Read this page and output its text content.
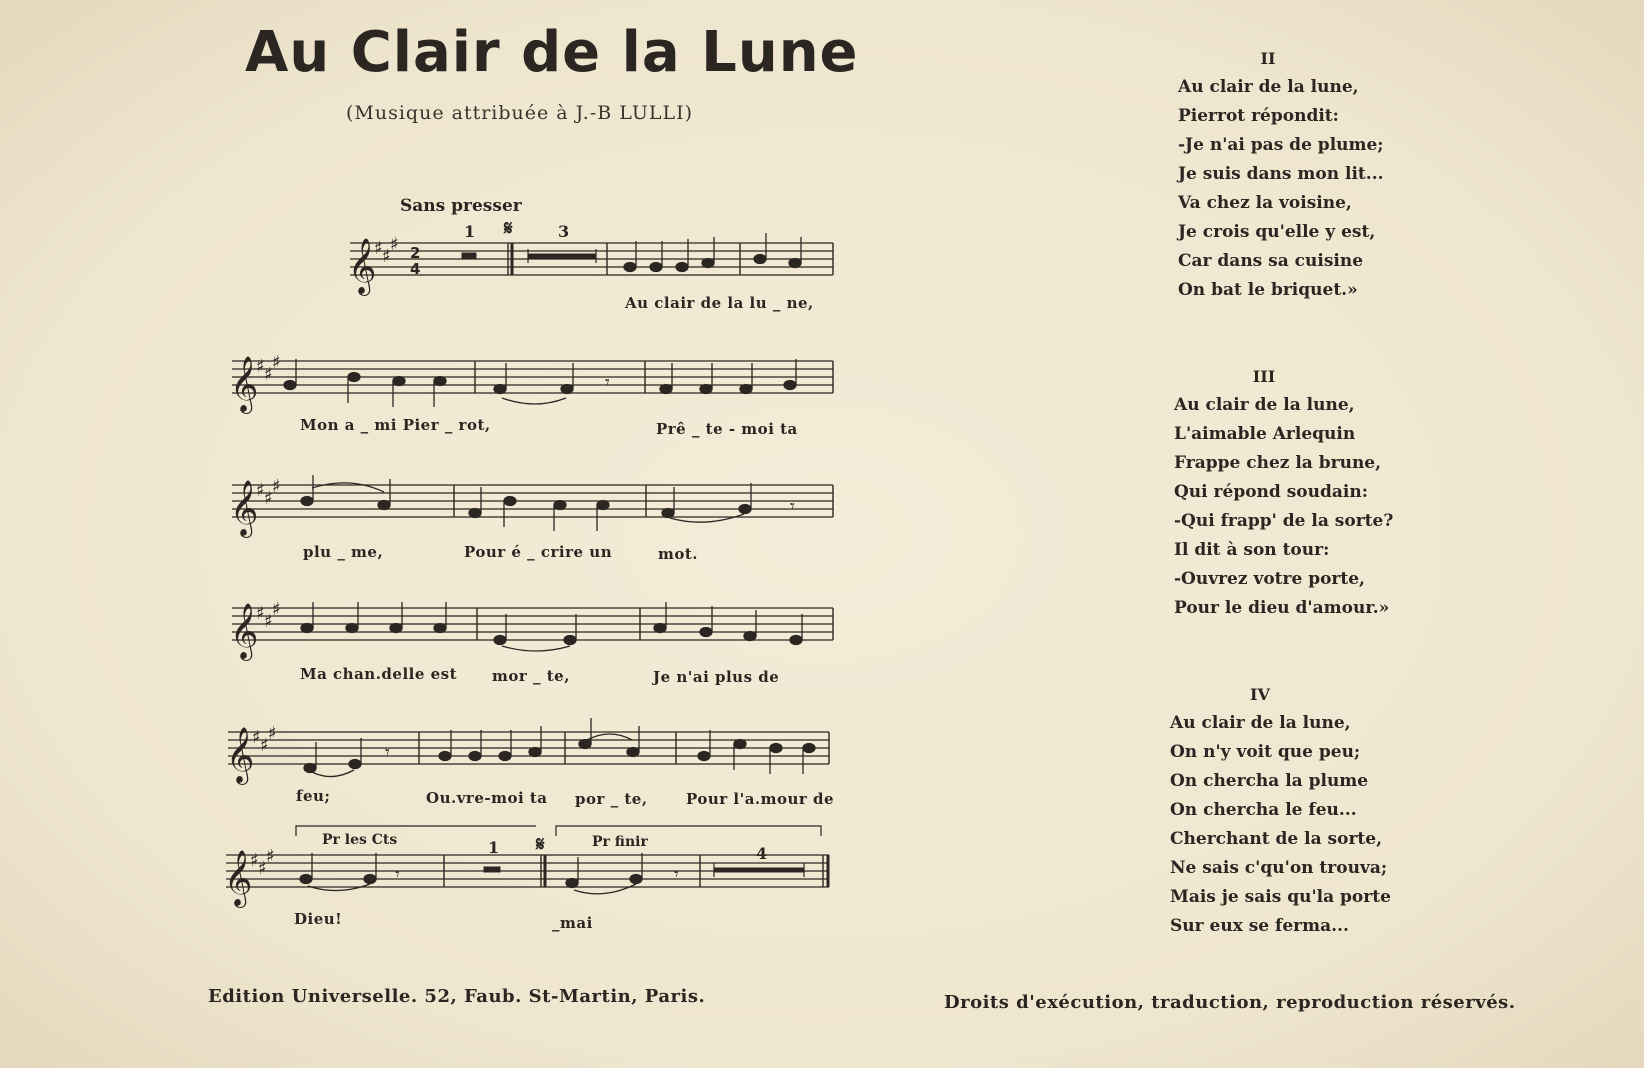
Au Clair de la Lune
(Musique attribuée à J.-B LULLI)
Sans presser
𝄞
𝄞
𝄞
𝄞
𝄞
𝄞
♯ ♯
♯
♯ ♯
♯
♯ ♯
♯
♯ ♯
♯
♯ ♯
♯
♯ ♯
♯
2
4
𝄾
𝄾
𝄾
𝄾	𝄾
1 𝄋	3
Pr les Cts	1 𝄋	Pr finir
4
Au clair de la lu _ ne,
Mon a _ mi Pier _ rot,	Prê _ te - moi ta
plu _ me,	Pour é _ crire un	mot.
Ma chan.delle est mor _ te,	Je n'ai plus de
feu;	Ou.vre-moi ta por _ te,	Pour l'a.mour de
Dieu!	_mai
II
Au clair de la lune,
Pierrot répondit:
-Je n'ai pas de plume;
Je suis dans mon lit...
Va chez la voisine,
Je crois qu'elle y est,
Car dans sa cuisine
On bat le briquet.»
III
Au clair de la lune,
L'aimable Arlequin
Frappe chez la brune,
Qui répond soudain:
-Qui frapp' de la sorte?
Il dit à son tour:
-Ouvrez votre porte,
Pour le dieu d'amour.»
IV
Au clair de la lune,
On n'y voit que peu;
On chercha la plume
On chercha le feu...
Cherchant de la sorte,
Ne sais c'qu'on trouva;
Mais je sais qu'la porte
Sur eux se ferma...
Edition Universelle. 52, Faub. St-Martin, Paris.	Droits d'exécution, traduction, reproduction réservés.
